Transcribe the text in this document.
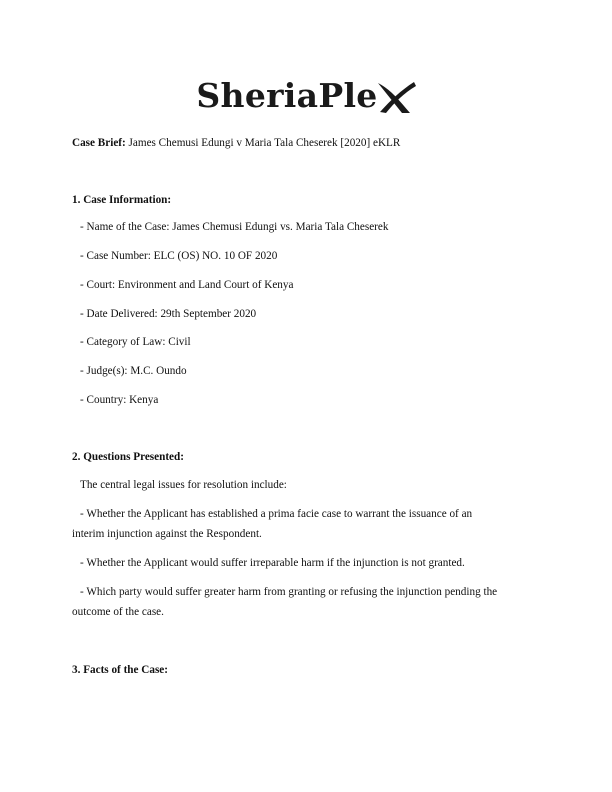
SheriaPle
Case Brief: James Chemusi Edungi v Maria Tala Cheserek [2020] eKLR
1. Case Information:
- Name of the Case: James Chemusi Edungi vs. Maria Tala Cheserek
- Case Number: ELC (OS) NO. 10 OF 2020
- Court: Environment and Land Court of Kenya
- Date Delivered: 29th September 2020
- Category of Law: Civil
- Judge(s): M.C. Oundo
- Country: Kenya
2. Questions Presented:
The central legal issues for resolution include:
- Whether the Applicant has established a prima facie case to warrant the issuance of an
interim injunction against the Respondent.
- Whether the Applicant would suffer irreparable harm if the injunction is not granted.
- Which party would suffer greater harm from granting or refusing the injunction pending the
outcome of the case.
3. Facts of the Case:
